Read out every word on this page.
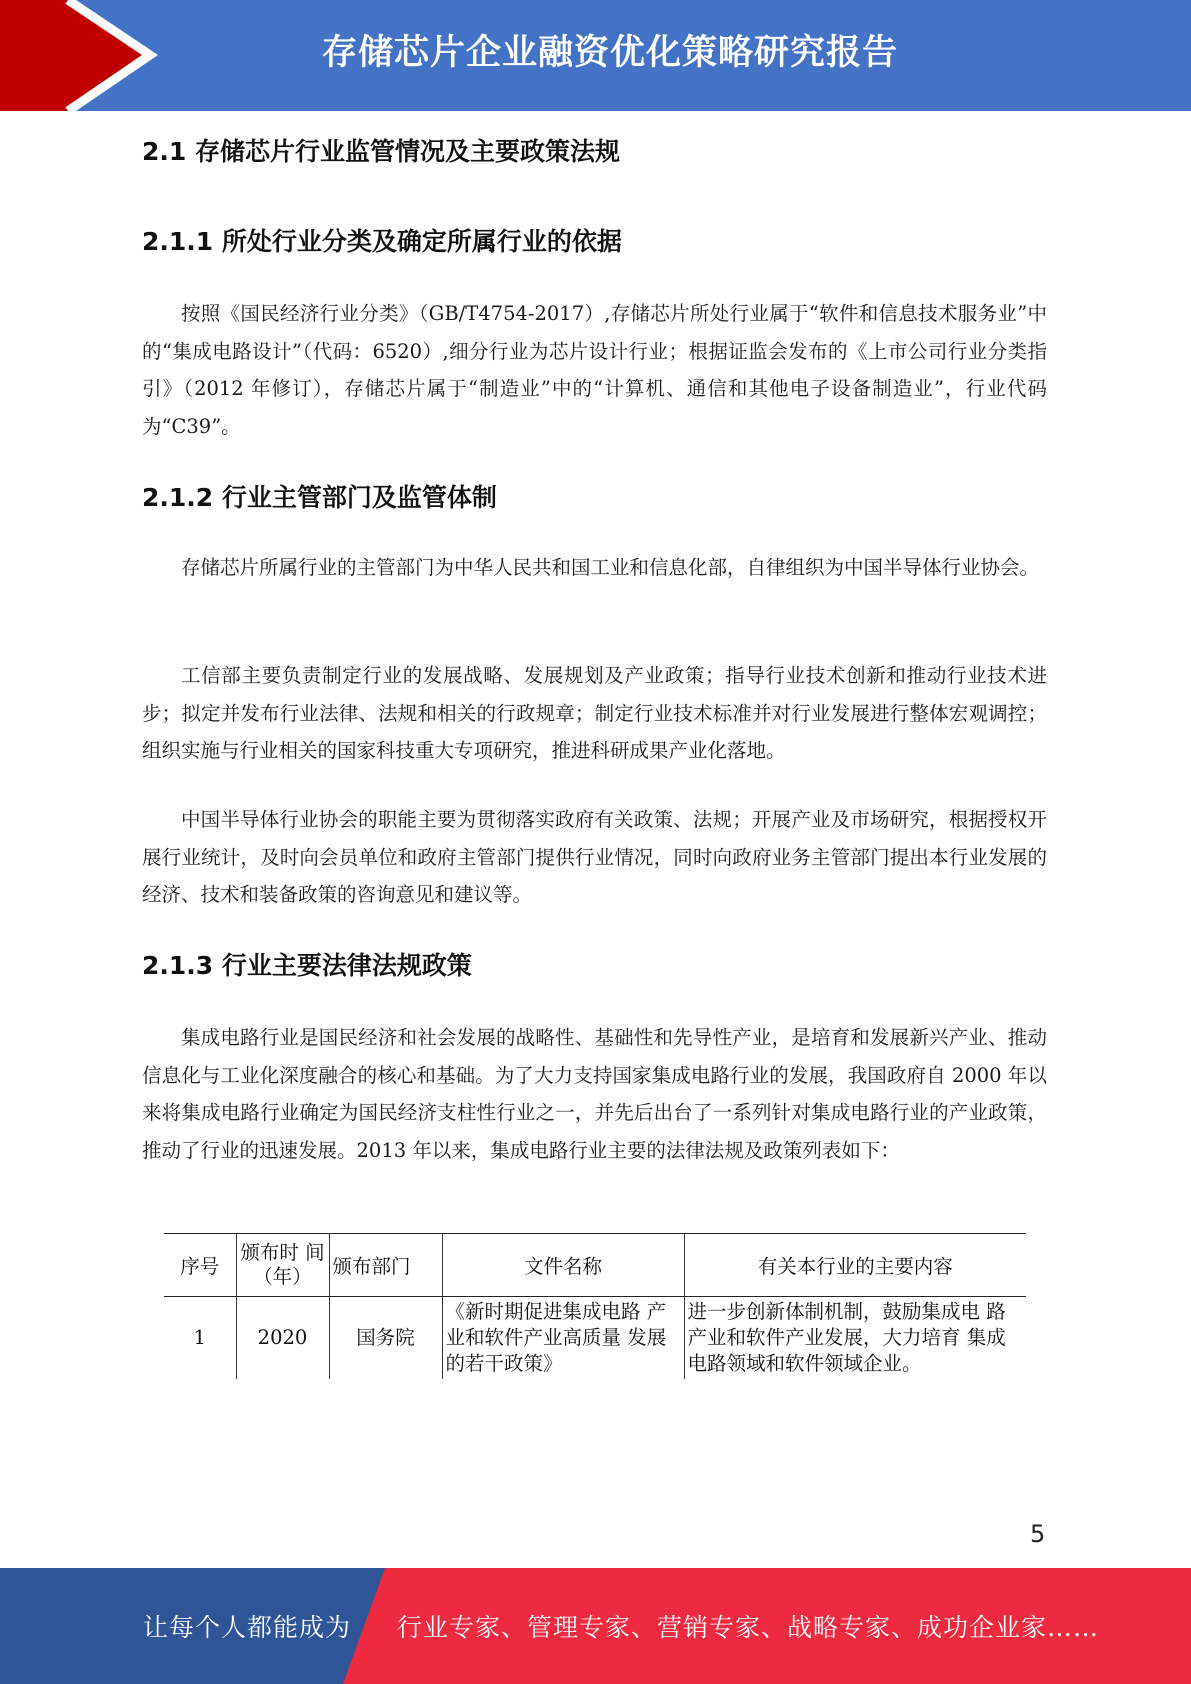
存储芯片企业融资优化策略研究报告
2.1 存储芯片行业监管情况及主要政策法规
2.1.1 所处行业分类及确定所属行业的依据
按照《国民经济行业分类》（GB/T4754-2017）,存储芯片所处行业属于“软件和信息技术服务业”中的“集成电路设计”（代码：6520）,细分行业为芯片设计行业；根据证监会发布的《上市公司行业分类指引》（2012 年修订），存储芯片属于“制造业”中的“计算机、通信和其他电子设备制造业”，行业代码为“C39”。
2.1.2 行业主管部门及监管体制
存储芯片所属行业的主管部门为中华人民共和国工业和信息化部，自律组织为中国半导体行业协会。
工信部主要负责制定行业的发展战略、发展规划及产业政策；指导行业技术创新和推动行业技术进步；拟定并发布行业法律、法规和相关的行政规章；制定行业技术标准并对行业发展进行整体宏观调控；组织实施与行业相关的国家科技重大专项研究，推进科研成果产业化落地。
中国半导体行业协会的职能主要为贯彻落实政府有关政策、法规；开展产业及市场研究，根据授权开展行业统计，及时向会员单位和政府主管部门提供行业情况，同时向政府业务主管部门提出本行业发展的经济、技术和装备政策的咨询意见和建议等。
2.1.3 行业主要法律法规政策
集成电路行业是国民经济和社会发展的战略性、基础性和先导性产业，是培育和发展新兴产业、推动信息化与工业化深度融合的核心和基础。为了大力支持国家集成电路行业的发展，我国政府自 2000 年以来将集成电路行业确定为国民经济支柱性行业之一，并先后出台了一系列针对集成电路行业的产业政策，推动了行业的迅速发展。2013 年以来，集成电路行业主要的法律法规及政策列表如下：
序号	颁布时 间（年）	颁布部门	文件名称	有关本行业的主要内容
1	2020	国务院	《新时期促进集成电路 产业和软件产业高质量 发展的若干政策》	进一步创新体制机制，鼓励集成电 路产业和软件产业发展，大力培育 集成电路领域和软件领域企业。
5
让每个人都能成为 行业专家、管理专家、营销专家、战略专家、成功企业家……
